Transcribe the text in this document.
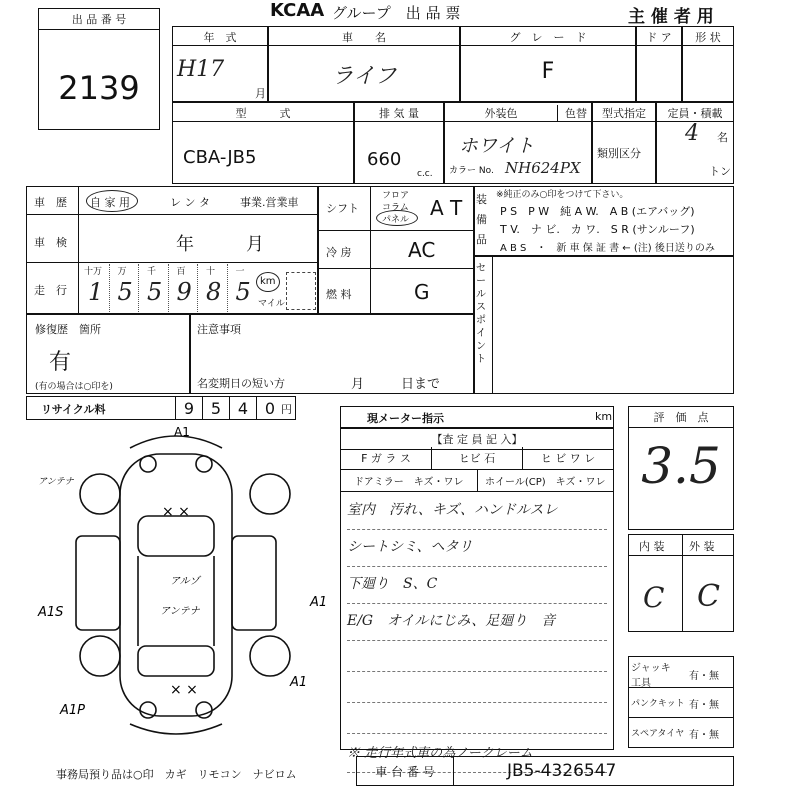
出 品 番 号
2139
KCAA グループ　出 品 票	主 催 者 用
年　式
H17
月
車　　名
ライフ
グ　レ　ー　ド
F
ド ア	形 状
型　　　式
CBA-JB5
排 気 量
660
c.c.
外装色	色替
ホワイト
カラー No. NH624PX
型式指定
類別区分
定員・積載
4 名
トン
車　歴 自 家 用	レ ン タ	事業.営業車
車　検	年	月
走　行
十万
1
万
5
千
5
百
9
十
8
一
5 km
マイル
シフト
フロア
コラム
パネル A T
冷 房	AC
燃 料	G
装 備 品
※純正のみ○印をつけて下さい。
P S　P W　純 A W.　A B (エアバッグ)
T V.　ナ ビ.　カ ワ.　S R (サンルーフ)
A B S　・　新 車 保 証 書 ← (注) 後日送りのみ
セールスポイント
修復歴　箇所
有
(有の場合は○印を)
注意事項
名変期日の短い方	月	日まで
リサイクル料	9	5	4	0 円
A1
× ×
A1S
A1
A1
A1P
× ×
アルゾ
アンテナ
アンテナ
現メーター指示	km
【査 定 員 記 入】
F ガ ラ ス	ヒビ 石	ヒ ビ ワ レ
ドアミラー　キズ・ワレ	ホイール(CP)　キズ・ワレ
室内　汚れ、キズ、ハンドルスレ
シートシミ、ヘタリ
下廻り　S、C
E/G　オイルにじみ、足廻り　音
※ 走行年式車の為ノークレーム
評　価　点
3.5
内 装 外 装
C C
ジャッキ 工具
有・無
パンクキット 有・無
スペアタイヤ 有・無
事務局預り品は○印　カギ　リモコン　ナビロム	車 台 番 号	JB5-4326547
